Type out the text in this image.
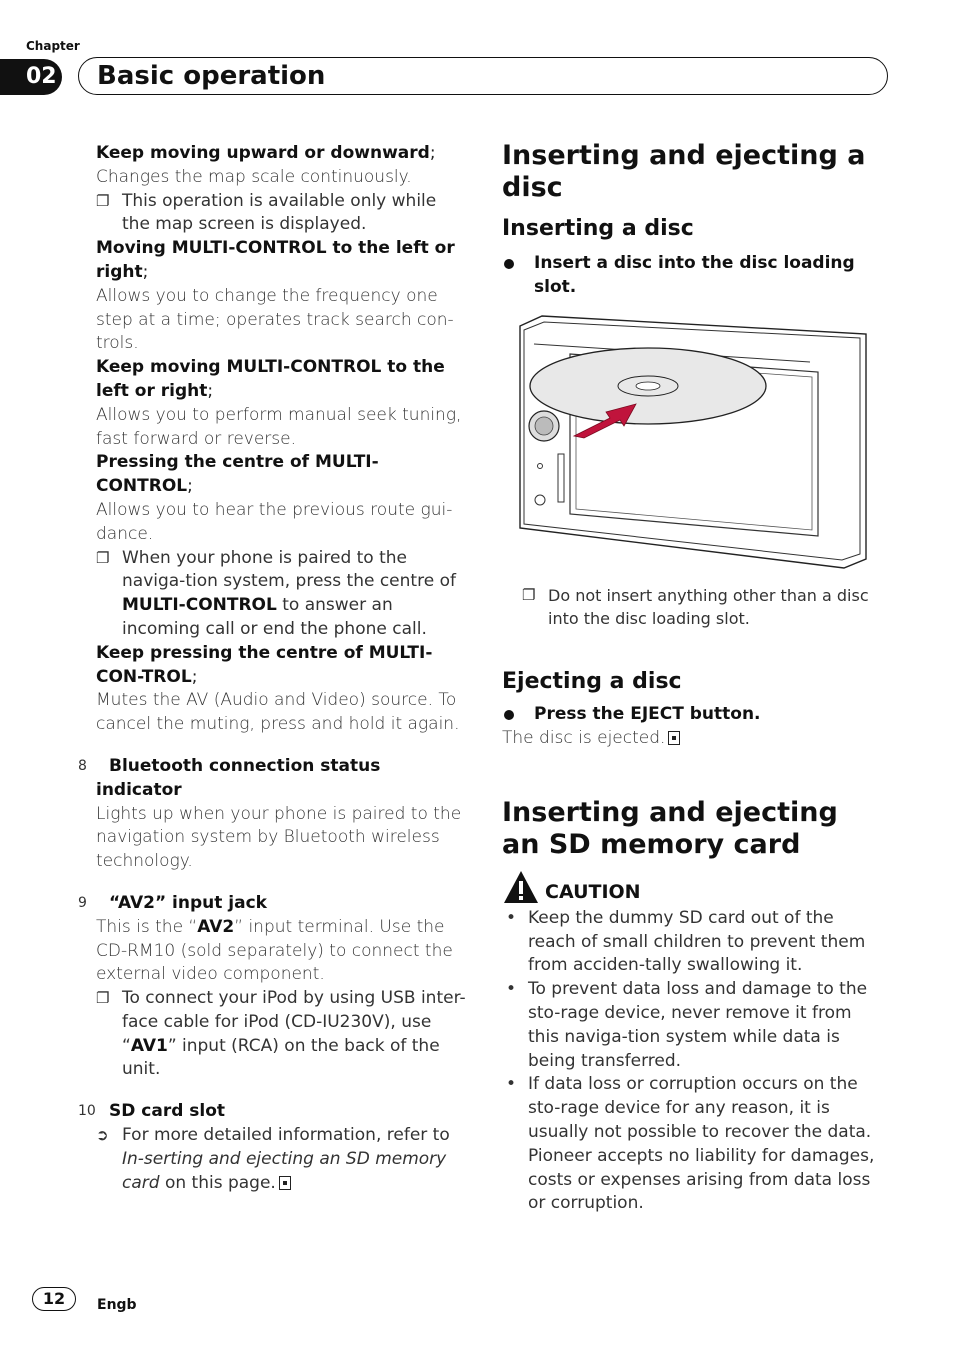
Chapter
02 Basic operation
Keep moving upward or downward;
Changes the map scale continuously.
❐ This operation is available only while the map screen is displayed.
Moving MULTI-CONTROL to the left or right;
Allows you to change the frequency one step at a time; operates track search con-trols.
Keep moving MULTI-CONTROL to the left or right;
Allows you to perform manual seek tuning, fast forward or reverse.
Pressing the centre of MULTI-CONTROL;
Allows you to hear the previous route gui-dance.
❐ When your phone is paired to the naviga-tion system, press the centre of MULTI-CONTROL to answer an incoming call or end the phone call.
Keep pressing the centre of MULTI-CON-TROL;
Mutes the AV (Audio and Video) source. To cancel the muting, press and hold it again.
8 Bluetooth connection status indicator
Lights up when your phone is paired to the navigation system by Bluetooth wireless technology.
9 “AV2” input jack
This is the “AV2” input terminal. Use the CD-RM10 (sold separately) to connect the external video component.
❐ To connect your iPod by using USB inter-face cable for iPod (CD-IU230V), use “AV1” input (RCA) on the back of the unit.
10 SD card slot
➲ For more detailed information, refer to In-serting and ejecting an SD memory card on this page.
Inserting and ejecting a disc
Inserting a disc
Insert a disc into the disc loading slot.
❐ Do not insert anything other than a disc into the disc loading slot.
Ejecting a disc
Press the EJECT button.
The disc is ejected.
Inserting and ejecting an SD memory card
CAUTION
• Keep the dummy SD card out of the reach of small children to prevent them from acciden-tally swallowing it.
• To prevent data loss and damage to the sto-rage device, never remove it from this naviga-tion system while data is being transferred.
• If data loss or corruption occurs on the sto-rage device for any reason, it is usually not possible to recover the data. Pioneer accepts no liability for damages, costs or expenses arising from data loss or corruption.
12	Engb
